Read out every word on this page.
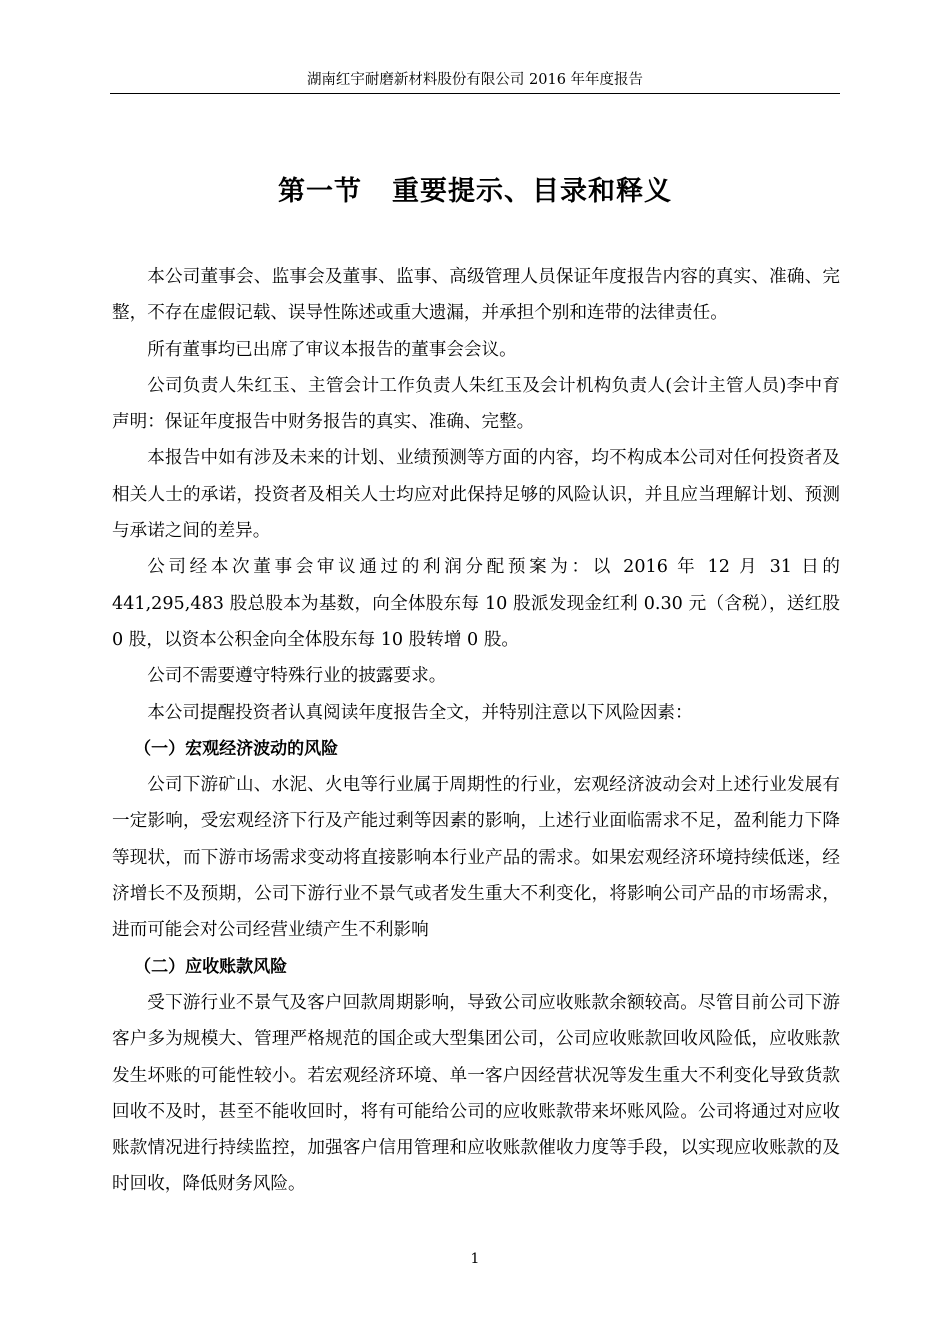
湖南红宇耐磨新材料股份有限公司 2016 年年度报告
第一节 重要提示、目录和释义

本公司董事会、监事会及董事、监事、高级管理人员保证年度报告内容的真实、准确、完整，不存在虚假记载、误导性陈述或重大遗漏，并承担个别和连带的法律责任。

所有董事均已出席了审议本报告的董事会会议。

公司负责人朱红玉、主管会计工作负责人朱红玉及会计机构负责人(会计主管人员)李中育声明：保证年度报告中财务报告的真实、准确、完整。

本报告中如有涉及未来的计划、业绩预测等方面的内容，均不构成本公司对任何投资者及相关人士的承诺，投资者及相关人士均应对此保持足够的风险认识，并且应当理解计划、预测与承诺之间的差异。

公司经本次董事会审议通过的利润分配预案为：以 2016 年 12 月 31 日的 441,295,483 股总股本为基数，向全体股东每 10 股派发现金红利 0.30 元（含税），送红股 0 股，以资本公积金向全体股东每 10 股转增 0 股。

公司不需要遵守特殊行业的披露要求。

本公司提醒投资者认真阅读年度报告全文，并特别注意以下风险因素：

（一）宏观经济波动的风险

公司下游矿山、水泥、火电等行业属于周期性的行业，宏观经济波动会对上述行业发展有一定影响，受宏观经济下行及产能过剩等因素的影响，上述行业面临需求不足，盈利能力下降等现状，而下游市场需求变动将直接影响本行业产品的需求。如果宏观经济环境持续低迷，经济增长不及预期，公司下游行业不景气或者发生重大不利变化，将影响公司产品的市场需求，进而可能会对公司经营业绩产生不利影响

（二）应收账款风险

受下游行业不景气及客户回款周期影响，导致公司应收账款余额较高。尽管目前公司下游客户多为规模大、管理严格规范的国企或大型集团公司，公司应收账款回收风险低，应收账款发生坏账的可能性较小。若宏观经济环境、单一客户因经营状况等发生重大不利变化导致货款回收不及时，甚至不能收回时，将有可能给公司的应收账款带来坏账风险。公司将通过对应收账款情况进行持续监控，加强客户信用管理和应收账款催收力度等手段，以实现应收账款的及时回收，降低财务风险。

1
